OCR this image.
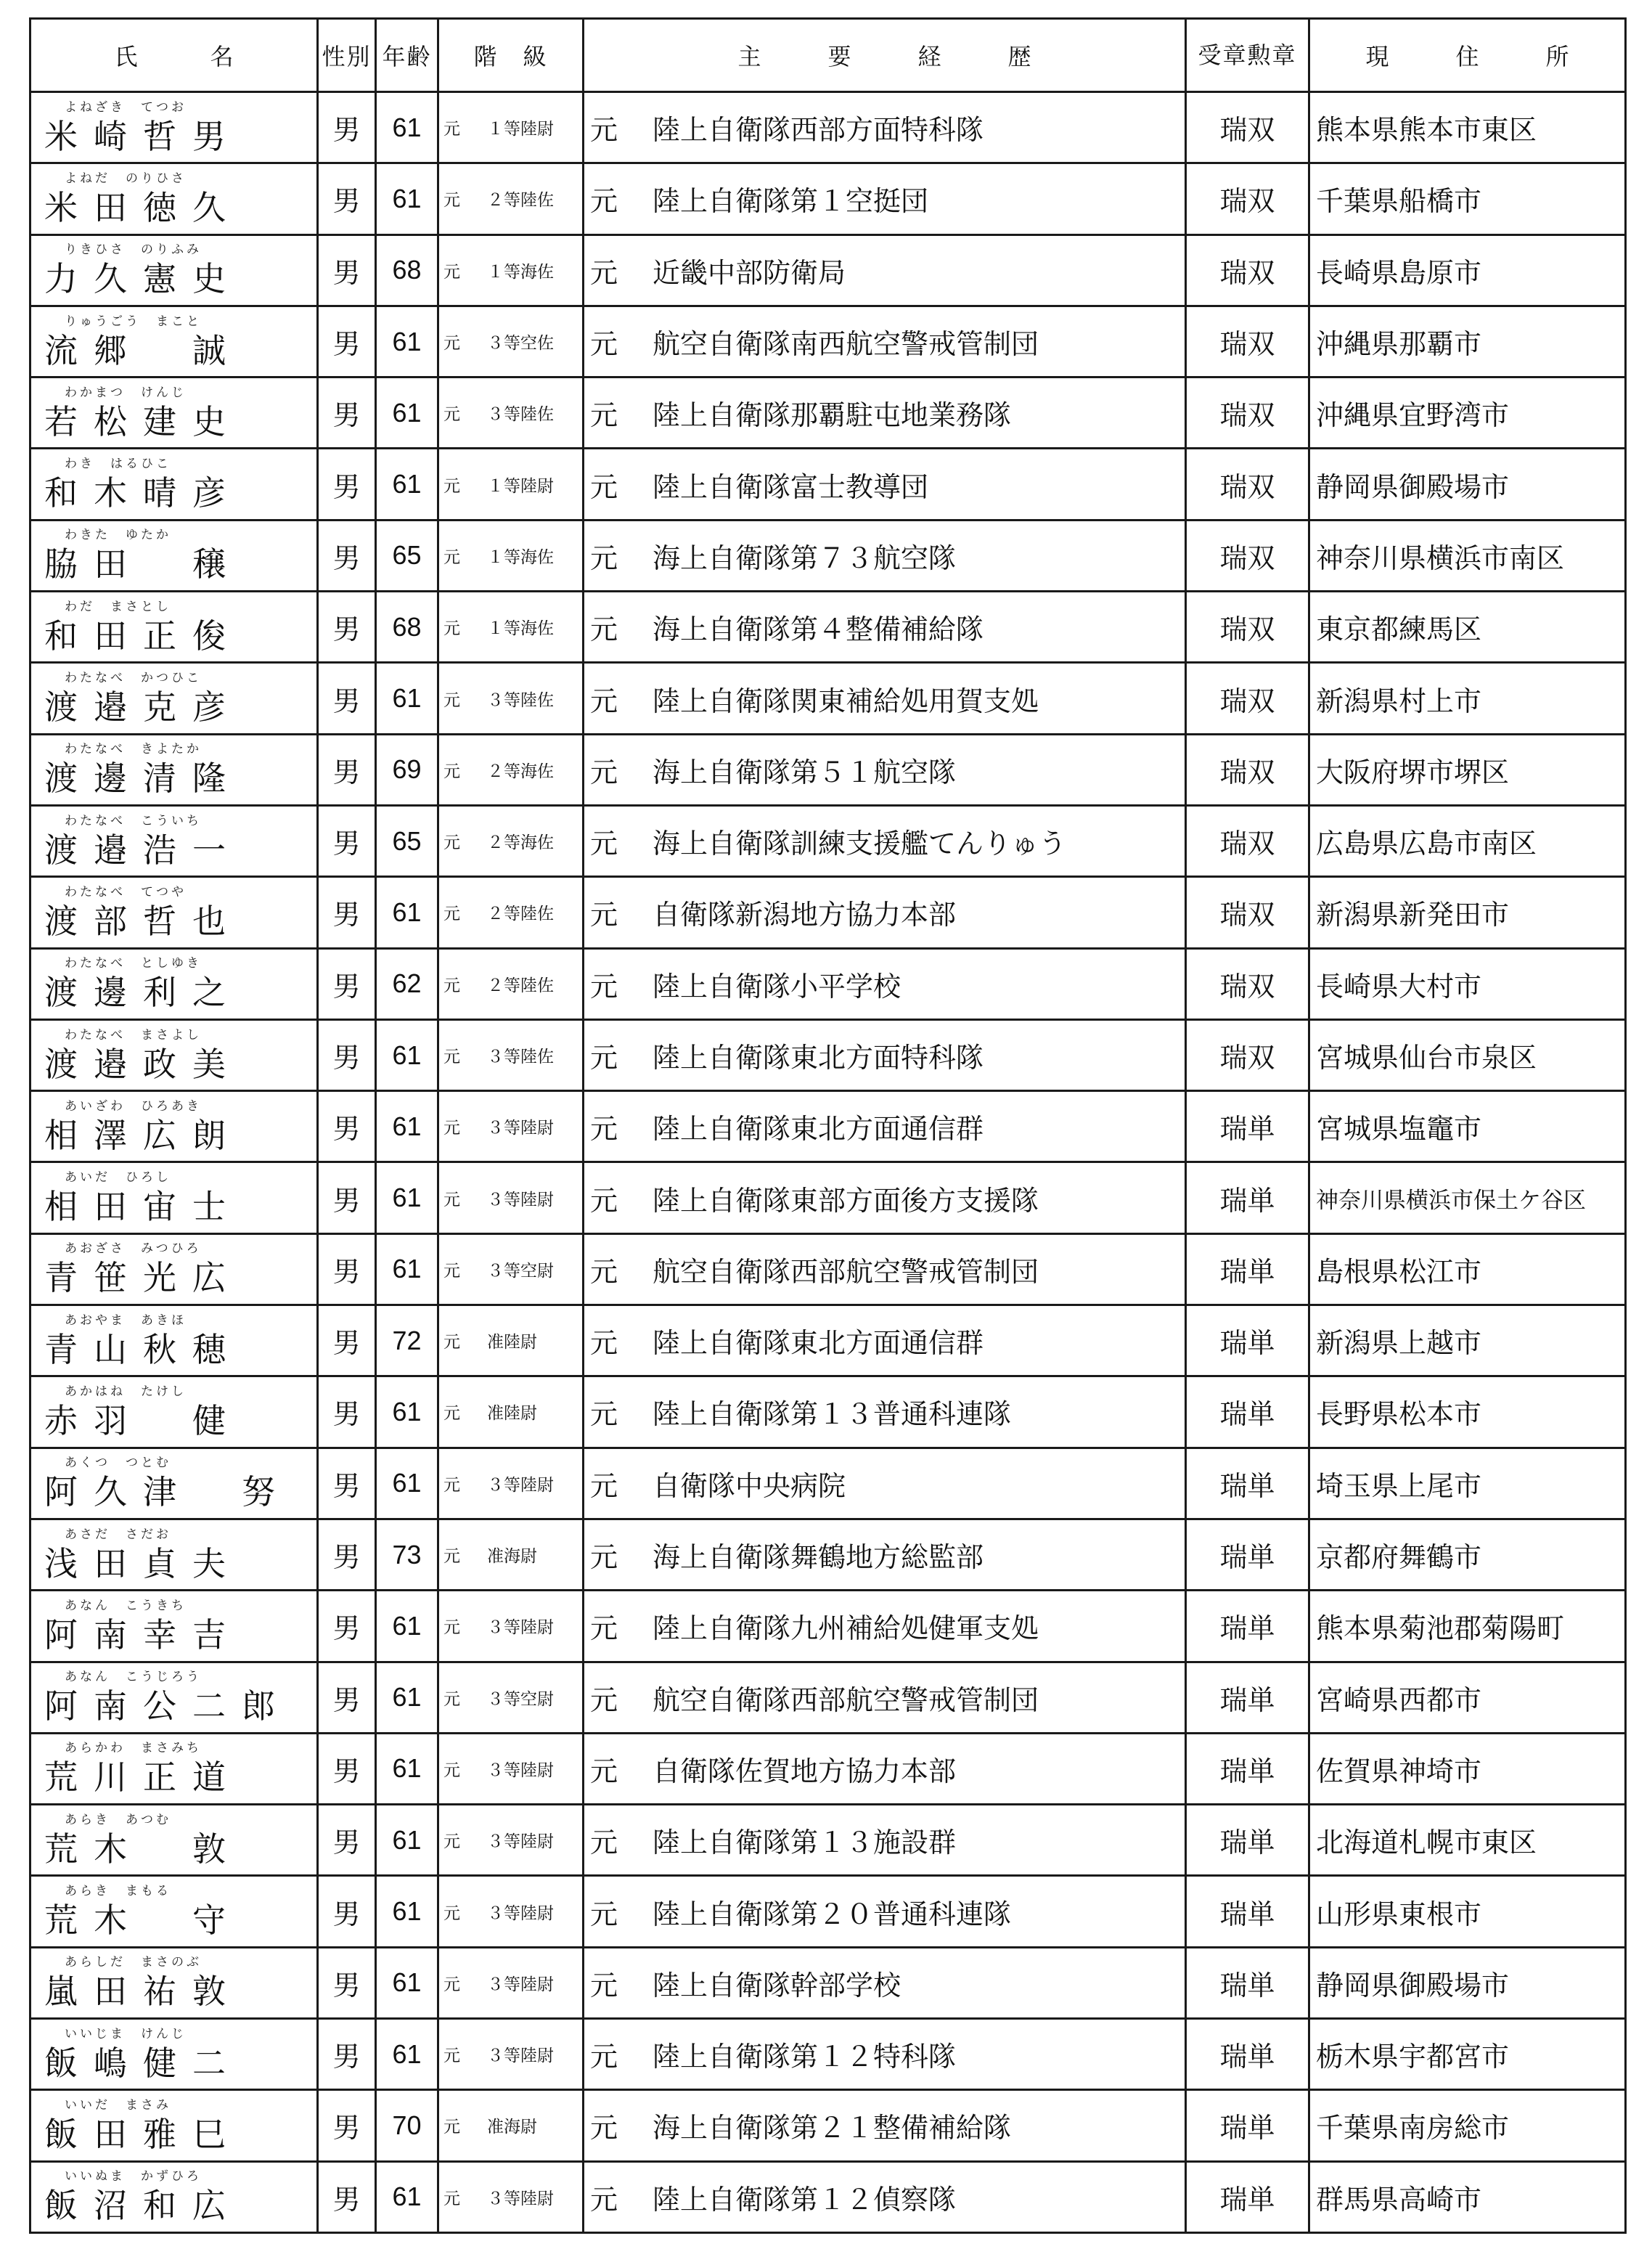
氏　名	性別	年齢	階　級	主　要　経　歴	受章勲章	現　住　所

よねざき　てつお
米崎哲男	男	61	元 １等陸尉	元 陸上自衛隊西部方面特科隊	瑞双	熊本県熊本市東区

よねだ　のりひさ
米田徳久	男	61	元 ２等陸佐	元 陸上自衛隊第１空挺団	瑞双	千葉県船橋市

りきひさ　のりふみ
力久憲史	男	68	元 １等海佐	元 近畿中部防衛局	瑞双	長崎県島原市

りゅうごう　まこと
流郷　誠	男	61	元 ３等空佐	元 航空自衛隊南西航空警戒管制団	瑞双	沖縄県那覇市

わかまつ　けんじ
若松建史	男	61	元 ３等陸佐	元 陸上自衛隊那覇駐屯地業務隊	瑞双	沖縄県宜野湾市

わき　はるひこ
和木晴彦	男	61	元 １等陸尉	元 陸上自衛隊富士教導団	瑞双	静岡県御殿場市

わきた　ゆたか
脇田　穣	男	65	元 １等海佐	元 海上自衛隊第７３航空隊	瑞双	神奈川県横浜市南区

わだ　まさとし
和田正俊	男	68	元 １等海佐	元 海上自衛隊第４整備補給隊	瑞双	東京都練馬区

わたなべ　かつひこ
渡邉克彦	男	61	元 ３等陸佐	元 陸上自衛隊関東補給処用賀支処	瑞双	新潟県村上市

わたなべ　きよたか
渡邊清隆	男	69	元 ２等海佐	元 海上自衛隊第５１航空隊	瑞双	大阪府堺市堺区

わたなべ　こういち
渡邉浩一	男	65	元 ２等海佐	元 海上自衛隊訓練支援艦てんりゅう	瑞双	広島県広島市南区

わたなべ　てつや
渡部哲也	男	61	元 ２等陸佐	元 自衛隊新潟地方協力本部	瑞双	新潟県新発田市

わたなべ　としゆき
渡邊利之	男	62	元 ２等陸佐	元 陸上自衛隊小平学校	瑞双	長崎県大村市

わたなべ　まさよし
渡邉政美	男	61	元 ３等陸佐	元 陸上自衛隊東北方面特科隊	瑞双	宮城県仙台市泉区

あいざわ　ひろあき
相澤広朗	男	61	元 ３等陸尉	元 陸上自衛隊東北方面通信群	瑞単	宮城県塩竈市

あいだ　ひろし
相田宙士	男	61	元 ３等陸尉	元 陸上自衛隊東部方面後方支援隊	瑞単	神奈川県横浜市保土ケ谷区

あおざさ　みつひろ
青笹光広	男	61	元 ３等空尉	元 航空自衛隊西部航空警戒管制団	瑞単	島根県松江市

あおやま　あきほ
青山秋穂	男	72	元 准陸尉	元 陸上自衛隊東北方面通信群	瑞単	新潟県上越市

あかはね　たけし
赤羽　健	男	61	元 准陸尉	元 陸上自衛隊第１３普通科連隊	瑞単	長野県松本市

あくつ　つとむ
阿久津　努	男	61	元 ３等陸尉	元 自衛隊中央病院	瑞単	埼玉県上尾市

あさだ　さだお
浅田貞夫	男	73	元 准海尉	元 海上自衛隊舞鶴地方総監部	瑞単	京都府舞鶴市

あなん　こうきち
阿南幸吉	男	61	元 ３等陸尉	元 陸上自衛隊九州補給処健軍支処	瑞単	熊本県菊池郡菊陽町

あなん　こうじろう
阿南公二郎	男	61	元 ３等空尉	元 航空自衛隊西部航空警戒管制団	瑞単	宮崎県西都市

あらかわ　まさみち
荒川正道	男	61	元 ３等陸尉	元 自衛隊佐賀地方協力本部	瑞単	佐賀県神埼市

あらき　あつむ
荒木　敦	男	61	元 ３等陸尉	元 陸上自衛隊第１３施設群	瑞単	北海道札幌市東区

あらき　まもる
荒木　守	男	61	元 ３等陸尉	元 陸上自衛隊第２０普通科連隊	瑞単	山形県東根市

あらしだ　まさのぶ
嵐田祐敦	男	61	元 ３等陸尉	元 陸上自衛隊幹部学校	瑞単	静岡県御殿場市

いいじま　けんじ
飯嶋健二	男	61	元 ３等陸尉	元 陸上自衛隊第１２特科隊	瑞単	栃木県宇都宮市

いいだ　まさみ
飯田雅巳	男	70	元 准海尉	元 海上自衛隊第２１整備補給隊	瑞単	千葉県南房総市

いいぬま　かずひろ
飯沼和広	男	61	元 ３等陸尉	元 陸上自衛隊第１２偵察隊	瑞単	群馬県高崎市
